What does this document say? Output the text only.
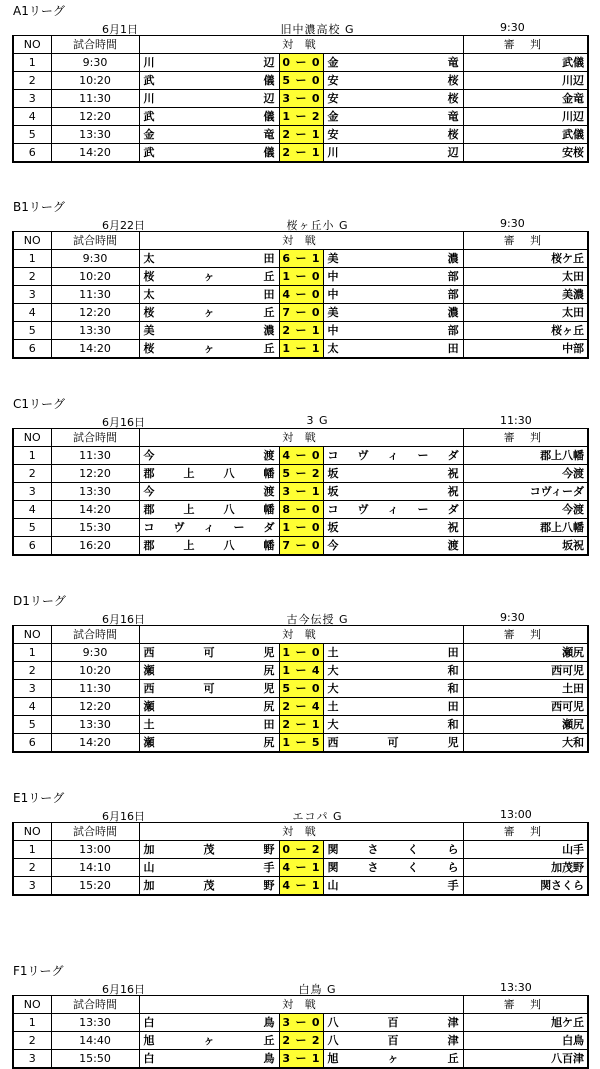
A1リーグ
6月1日	旧中濃高校 G	9:30
NO	試合時間	対 戦					審 判
1	9:30	川 辺	0	ー	0	金 竜	武儀
2	10:20	武 儀	5	ー	0	安 桜	川辺
3	11:30	川 辺	3	ー	0	安 桜	金竜
4	12:20	武 儀	1	ー	2	金 竜	川辺
5	13:30	金 竜	2	ー	1	安 桜	武儀
6	14:20	武 儀	2	ー	1	川 辺	安桜
B1リーグ
6月22日	桜ヶ丘小 G	9:30
NO	試合時間	対 戦					審 判
1	9:30	太 田	6	ー	1	美 濃	桜ケ丘
2	10:20	桜 ヶ 丘	1	ー	0	中 部	太田
3	11:30	太 田	4	ー	0	中 部	美濃
4	12:20	桜 ヶ 丘	7	ー	0	美 濃	太田
5	13:30	美 濃	2	ー	1	中 部	桜ヶ丘
6	14:20	桜 ヶ 丘	1	ー	1	太 田	中部
C1リーグ
6月16日	3 G	11:30
NO	試合時間	対 戦					審 判
1	11:30	今 渡	4	ー	0	コ ヴ ィ ー ダ	郡上八幡
2	12:20	郡 上 八 幡	5	ー	2	坂 祝	今渡
3	13:30	今 渡	3	ー	1	坂 祝	コヴィーダ
4	14:20	郡 上 八 幡	8	ー	0	コ ヴ ィ ー ダ	今渡
5	15:30	コ ヴ ィ ー ダ	1	ー	0	坂 祝	郡上八幡
6	16:20	郡 上 八 幡	7	ー	0	今 渡	坂祝
D1リーグ
6月16日	古今伝授 G	9:30
NO	試合時間	対 戦					審 判
1	9:30	西 可 児	1	ー	0	土 田	瀬尻
2	10:20	瀬 尻	1	ー	4	大 和	西可児
3	11:30	西 可 児	5	ー	0	大 和	土田
4	12:20	瀬 尻	2	ー	4	土 田	西可児
5	13:30	土 田	2	ー	1	大 和	瀬尻
6	14:20	瀬 尻	1	ー	5	西 可 児	大和
E1リーグ
6月16日	エコパ G	13:00
NO	試合時間	対 戦					審 判
1	13:00	加 茂 野	0	ー	2	関 さ く ら	山手
2	14:10	山 手	4	ー	1	関 さ く ら	加茂野
3	15:20	加 茂 野	4	ー	1	山 手	関さくら
F1リーグ
6月16日	白鳥 G	13:30
NO	試合時間	対 戦					審 判
1	13:30	白 鳥	3	ー	0	八 百 津	旭ケ丘
2	14:40	旭 ヶ 丘	2	ー	2	八 百 津	白鳥
3	15:50	白 鳥	3	ー	1	旭 ヶ 丘	八百津
